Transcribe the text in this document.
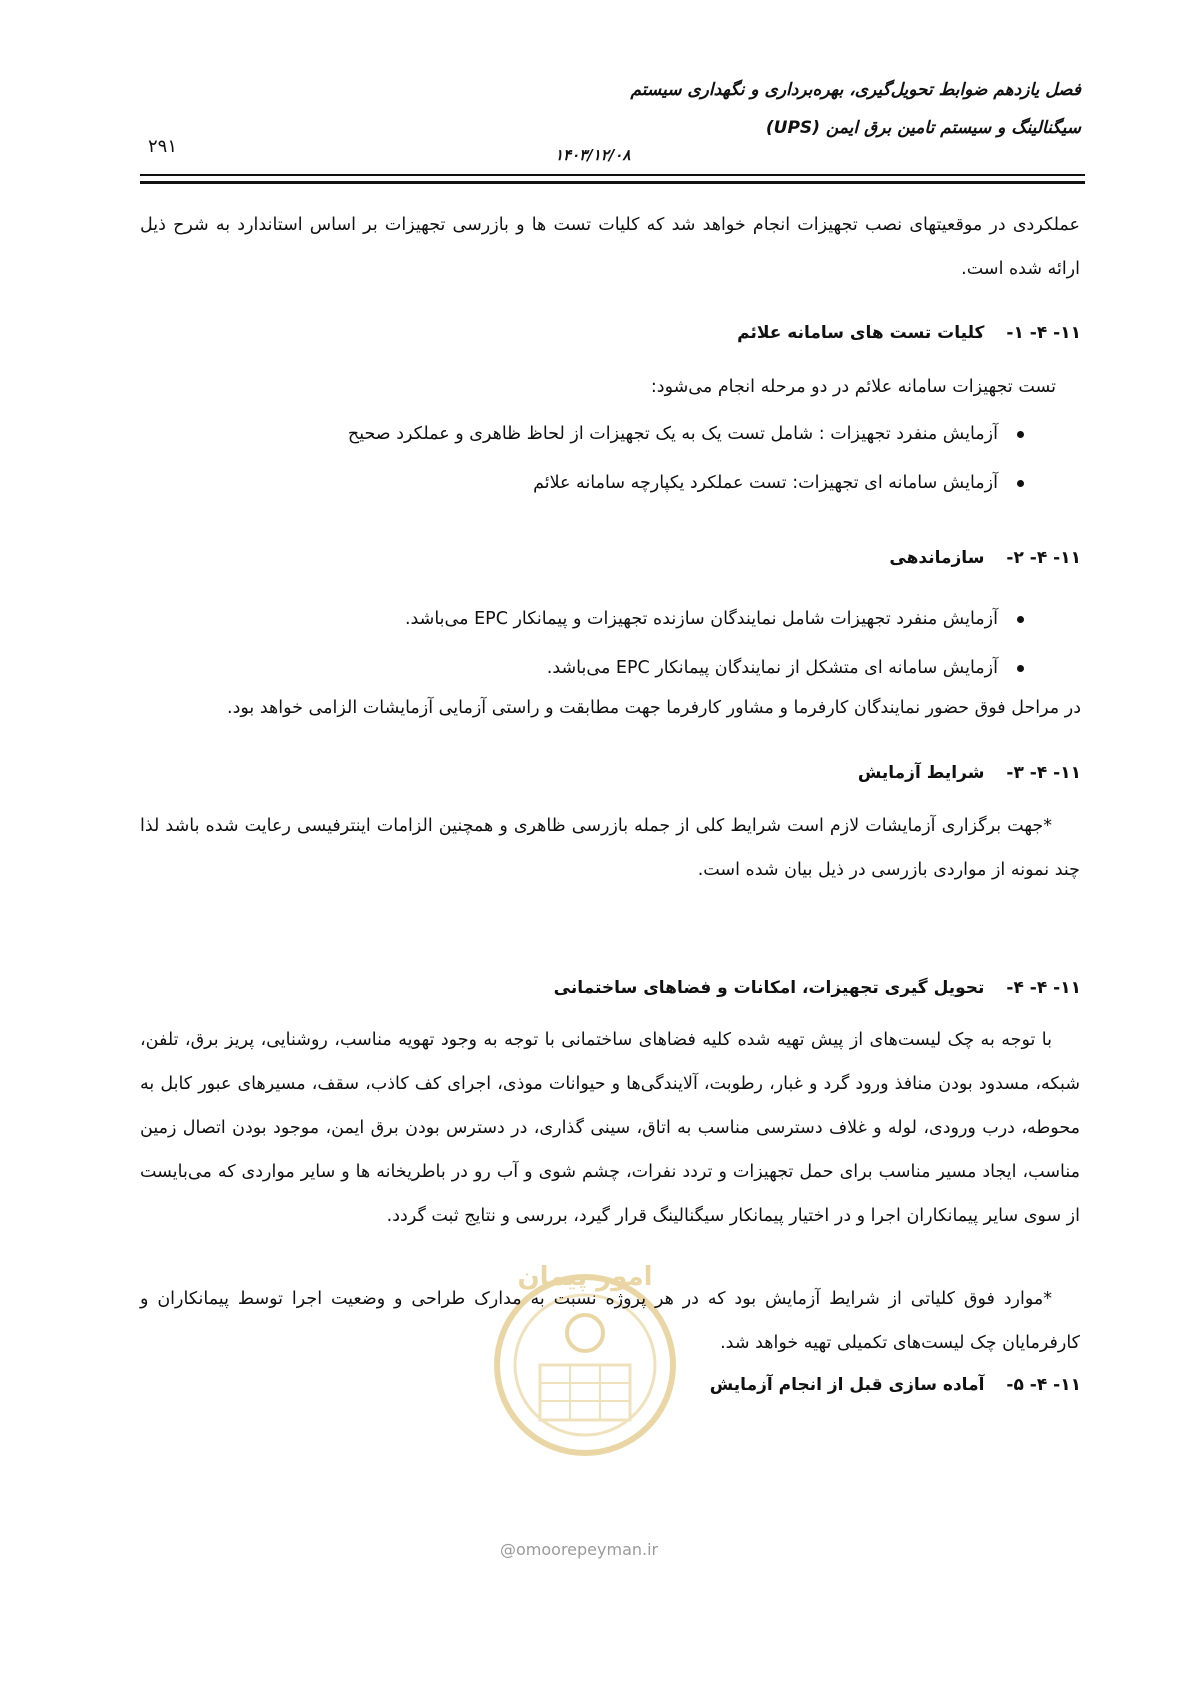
فصل یازدهم ضوابط تحویل‌گیری، بهره‌برداری و نگهداری سیستم
سیگنالینگ و سیستم تامین برق ایمن (UPS)
۱۴۰۳/۱۲/۰۸
۲۹۱
عملکردی در موقعیتهای نصب تجهیزات انجام خواهد شد که کلیات تست ها و بازرسی تجهیزات بر اساس استاندارد به شرح ذیل ارائه شده است.
۱۱- ۴- ۱-کلیات تست های سامانه علائم
تست تجهیزات سامانه علائم در دو مرحله انجام می‌شود:
آزمایش منفرد تجهیزات : شامل تست یک به یک تجهیزات از لحاظ ظاهری و عملکرد صحیح
آزمایش سامانه ای تجهیزات: تست عملکرد یکپارچه سامانه علائم
۱۱- ۴- ۲-سازماندهی
آزمایش منفرد تجهیزات شامل نمایندگان سازنده تجهیزات و پیمانکار EPC می‌باشد.
آزمایش سامانه ای متشکل از نمایندگان پیمانکار EPC می‌باشد.
در مراحل فوق حضور نمایندگان کارفرما و مشاور کارفرما جهت مطابقت و راستی آزمایی آزمایشات الزامی خواهد بود.
۱۱- ۴- ۳-شرایط آزمایش
*جهت برگزاری آزمایشات لازم است شرایط کلی از جمله بازرسی ظاهری و همچنین الزامات اینترفیسی رعایت شده باشد لذا چند نمونه از مواردی بازرسی در ذیل بیان شده است.
۱۱- ۴- ۴-تحویل گیری تجهیزات، امکانات و فضاهای ساختمانی
با توجه به چک لیست‌های از پیش تهیه شده کلیه فضاهای ساختمانی با توجه به وجود تهویه مناسب، روشنایی، پریز برق، تلفن، شبکه، مسدود بودن منافذ ورود گرد و غبار، رطوبت، آلایندگی‌ها و حیوانات موذی، اجرای کف کاذب، سقف، مسیرهای عبور کابل به محوطه، درب ورودی، لوله و غلاف دسترسی مناسب به اتاق، سینی گذاری، در دسترس بودن برق ایمن، موجود بودن اتصال زمین مناسب، ایجاد مسیر مناسب برای حمل تجهیزات و تردد نفرات، چشم شوی و آب رو در باطریخانه ها و سایر مواردی که می‌بایست از سوی سایر پیمانکاران اجرا و در اختیار پیمانکار سیگنالینگ قرار گیرد، بررسی و نتایج ثبت گردد.
امور پیمان
@omoorepeyman.ir
*موارد فوق کلیاتی از شرایط آزمایش بود که در هر پروژه نسبت به مدارک طراحی و وضعیت اجرا توسط پیمانکاران و کارفرمایان چک لیست‌های تکمیلی تهیه خواهد شد.
۱۱- ۴- ۵-آماده سازی قبل از انجام آزمایش
